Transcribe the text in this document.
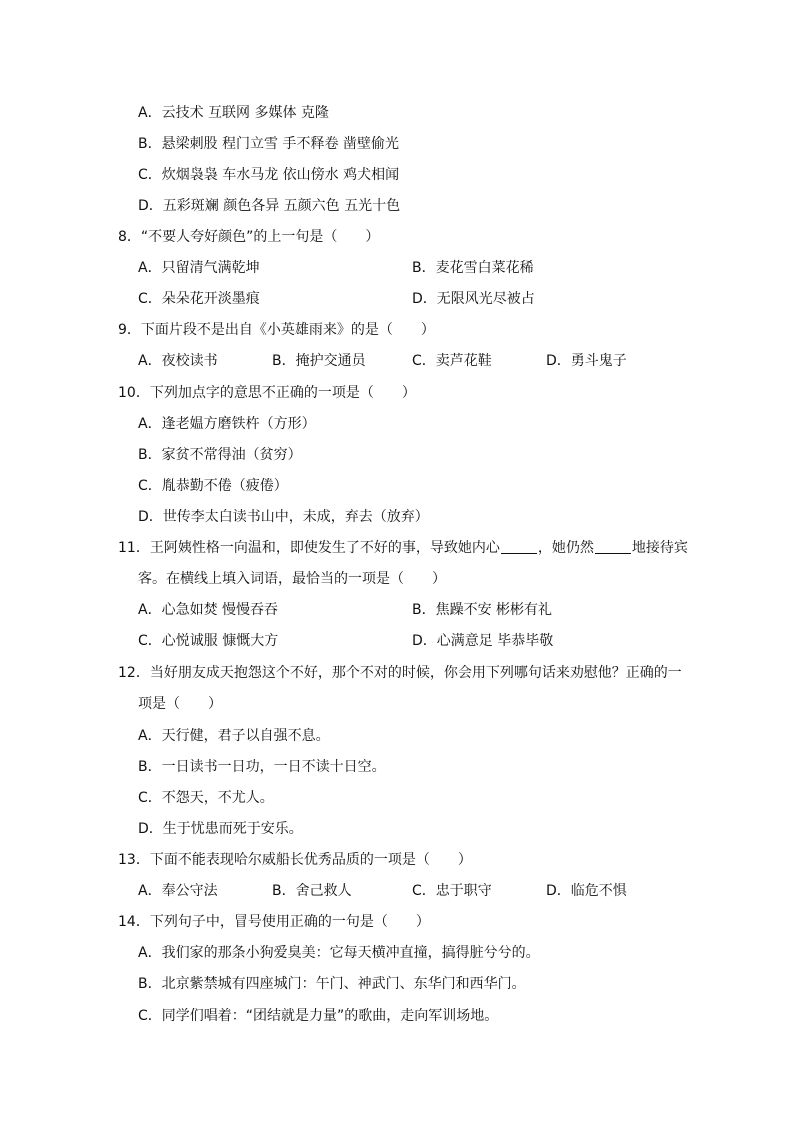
A．云技术 互联网 多媒体 克隆
B．悬梁刺股 程门立雪 手不释卷 凿壁偷光
C．炊烟袅袅 车水马龙 依山傍水 鸡犬相闻
D．五彩斑斓 颜色各异 五颜六色 五光十色
8．“不要人夸好颜色”的上一句是（　　）
A．只留清气满乾坤	B．麦花雪白菜花稀
C．朵朵花开淡墨痕	D．无限风光尽被占
9．下面片段不是出自《小英雄雨来》的是（　　）
A．夜校读书	B．掩护交通员	C．卖芦花鞋	D．勇斗鬼子
10．下列加点字的意思不正确的一项是（　　）
A．逢老媪方磨铁杵（方形）
B．家贫不常得油（贫穷）
C．胤恭勤不倦（疲倦）
D．世传李太白读书山中，未成，弃去（放弃）
11．王阿姨性格一向温和，即使发生了不好的事，导致她内心	，她仍然	地接待宾
客。在横线上填入词语，最恰当的一项是（　　）
A．心急如焚 慢慢吞吞	B．焦躁不安 彬彬有礼
C．心悦诚服 慷慨大方	D．心满意足 毕恭毕敬
12．当好朋友成天抱怨这个不好，那个不对的时候，你会用下列哪句话来劝慰他？正确的一
项是（　　）
A．天行健，君子以自强不息。
B．一日读书一日功，一日不读十日空。
C．不怨天，不尤人。
D．生于忧患而死于安乐。
13．下面不能表现哈尔威船长优秀品质的一项是（　　）
A．奉公守法	B．舍己救人	C．忠于职守	D．临危不惧
14．下列句子中，冒号使用正确的一句是（　　）
A．我们家的那条小狗爱臭美：它每天横冲直撞，搞得脏兮兮的。
B．北京紫禁城有四座城门：午门、神武门、东华门和西华门。
C．同学们唱着：“团结就是力量”的歌曲，走向军训场地。
